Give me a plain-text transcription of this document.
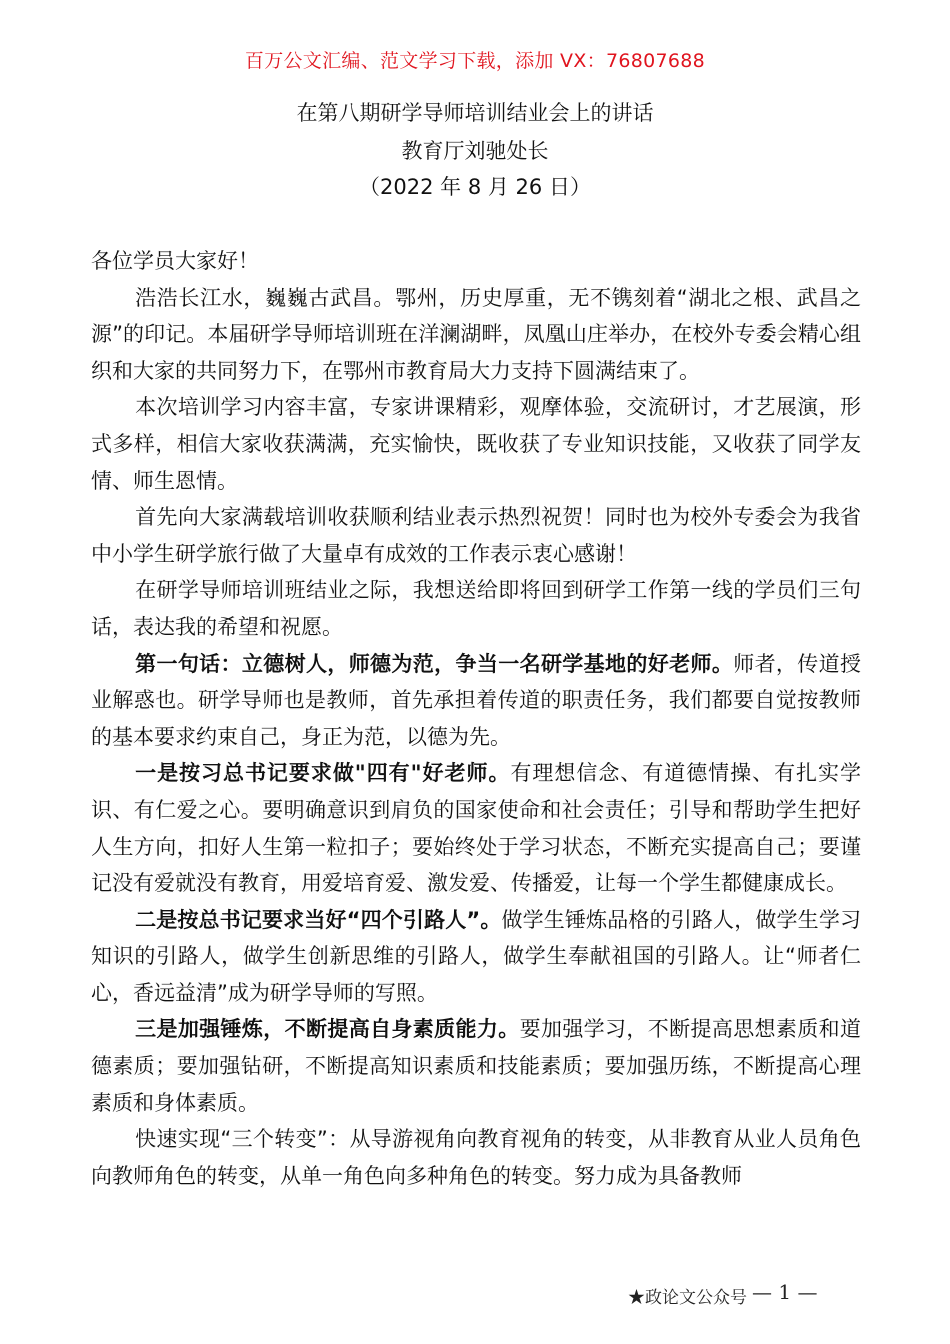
百万公文汇编、范文学习下载，添加 VX：76807688
在第八期研学导师培训结业会上的讲话
教育厅刘驰处长
（2022 年 8 月 26 日）

各位学员大家好！

浩浩长江水，巍巍古武昌。鄂州，历史厚重，无不镌刻着“湖北之根、武昌之源”的印记。本届研学导师培训班在洋澜湖畔，凤凰山庄举办，在校外专委会精心组织和大家的共同努力下，在鄂州市教育局大力支持下圆满结束了。

本次培训学习内容丰富，专家讲课精彩，观摩体验，交流研讨，才艺展演，形式多样，相信大家收获满满，充实愉快，既收获了专业知识技能，又收获了同学友情、师生恩情。

首先向大家满载培训收获顺利结业表示热烈祝贺！同时也为校外专委会为我省中小学生研学旅行做了大量卓有成效的工作表示衷心感谢！

在研学导师培训班结业之际，我想送给即将回到研学工作第一线的学员们三句话，表达我的希望和祝愿。

第一句话：立德树人，师德为范，争当一名研学基地的好老师。师者，传道授业解惑也。研学导师也是教师，首先承担着传道的职责任务，我们都要自觉按教师的基本要求约束自己，身正为范，以德为先。

一是按习总书记要求做"四有"好老师。有理想信念、有道德情操、有扎实学识、有仁爱之心。要明确意识到肩负的国家使命和社会责任；引导和帮助学生把好人生方向，扣好人生第一粒扣子；要始终处于学习状态，不断充实提高自己；要谨记没有爱就没有教育，用爱培育爱、激发爱、传播爱，让每一个学生都健康成长。

二是按总书记要求当好“四个引路人”。做学生锤炼品格的引路人，做学生学习知识的引路人，做学生创新思维的引路人，做学生奉献祖国的引路人。让“师者仁心，香远益清”成为研学导师的写照。

三是加强锤炼，不断提高自身素质能力。要加强学习，不断提高思想素质和道德素质；要加强钻研，不断提高知识素质和技能素质；要加强历练，不断提高心理素质和身体素质。

快速实现“三个转变”：从导游视角向教育视角的转变，从非教育从业人员角色向教师角色的转变，从单一角色向多种角色的转变。努力成为具备教师

★政论文公众号 — 1 —
